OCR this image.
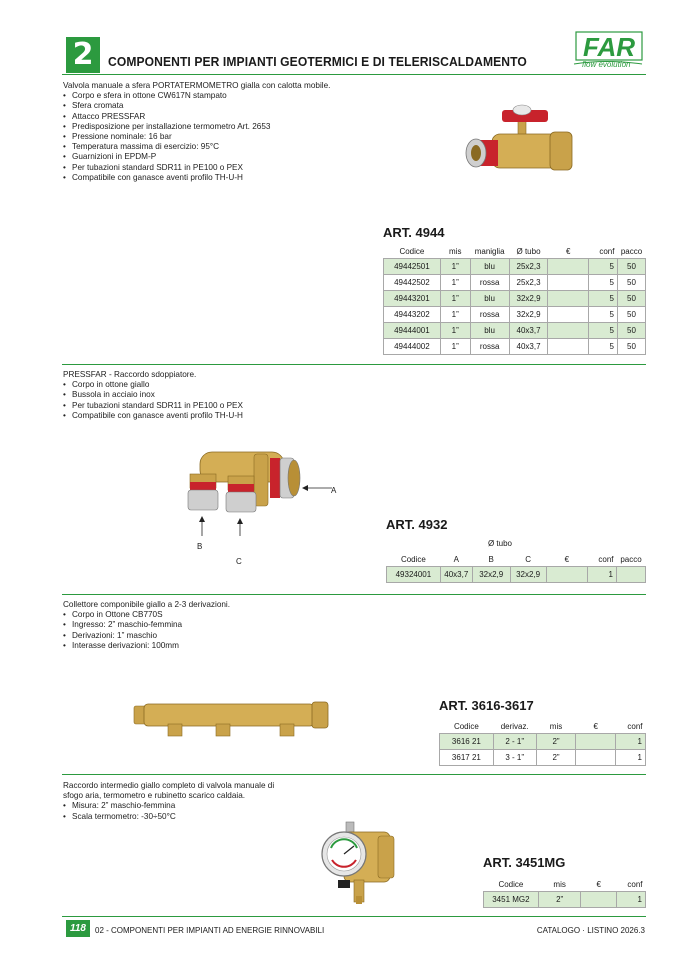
2	COMPONENTI PER IMPIANTI GEOTERMICI E DI TELERISCALDAMENTO FAR
flow evolution
Valvola manuale a sfera PORTATERMOMETRO gialla con calotta mobile.
• Corpo e sfera in ottone CW617N stampato
• Sfera cromata
• Attacco PRESSFAR
• Predisposizione per installazione termometro Art. 2653
• Pressione nominale: 16 bar
• Temperatura massima di esercizio: 95°C
• Guarnizioni in EPDM-P
• Per tubazioni standard SDR11 in PE100 o PEX
• Compatibile con ganasce aventi profilo TH-U-H
ART. 4944
Codice	mis	maniglia	Ø tubo	€	conf	pacco
49442501	1”	blu	25x2,3		5	50
49442502	1”	rossa	25x2,3		5	50
49443201	1”	blu	32x2,9		5	50
49443202	1”	rossa	32x2,9		5	50
49444001	1”	blu	40x3,7		5	50
49444002	1”	rossa	40x3,7		5	50
PRESSFAR - Raccordo sdoppiatore.
• Corpo in ottone giallo
• Bussola in acciaio inox
• Per tubazioni standard SDR11 in PE100 o PEX
• Compatibile con ganasce aventi profilo TH-U-H
A
B
C
ART. 4932
Ø tubo
Codice	A	B	C	€	conf	pacco
49324001	40x3,7	32x2,9	32x2,9		1	
Collettore componibile giallo a 2-3 derivazioni.
• Corpo in Ottone CB770S
• Ingresso: 2” maschio-femmina
• Derivazioni: 1” maschio
• Interasse derivazioni: 100mm
ART. 3616-3617
Codice	derivaz.	mis	€	conf
3616 21	2 - 1”	2”		1
3617 21	3 - 1”	2”		1
Raccordo intermedio giallo completo di valvola manuale di
sfogo aria, termometro e rubinetto scarico caldaia.
• Misura: 2” maschio-femmina
• Scala termometro: -30÷50°C
ART. 3451MG
Codice	mis	€	conf
3451 MG2	2”		1
118	02 - COMPONENTI PER IMPIANTI AD ENERGIE RINNOVABILI	CATALOGO · LISTINO 2026.3
